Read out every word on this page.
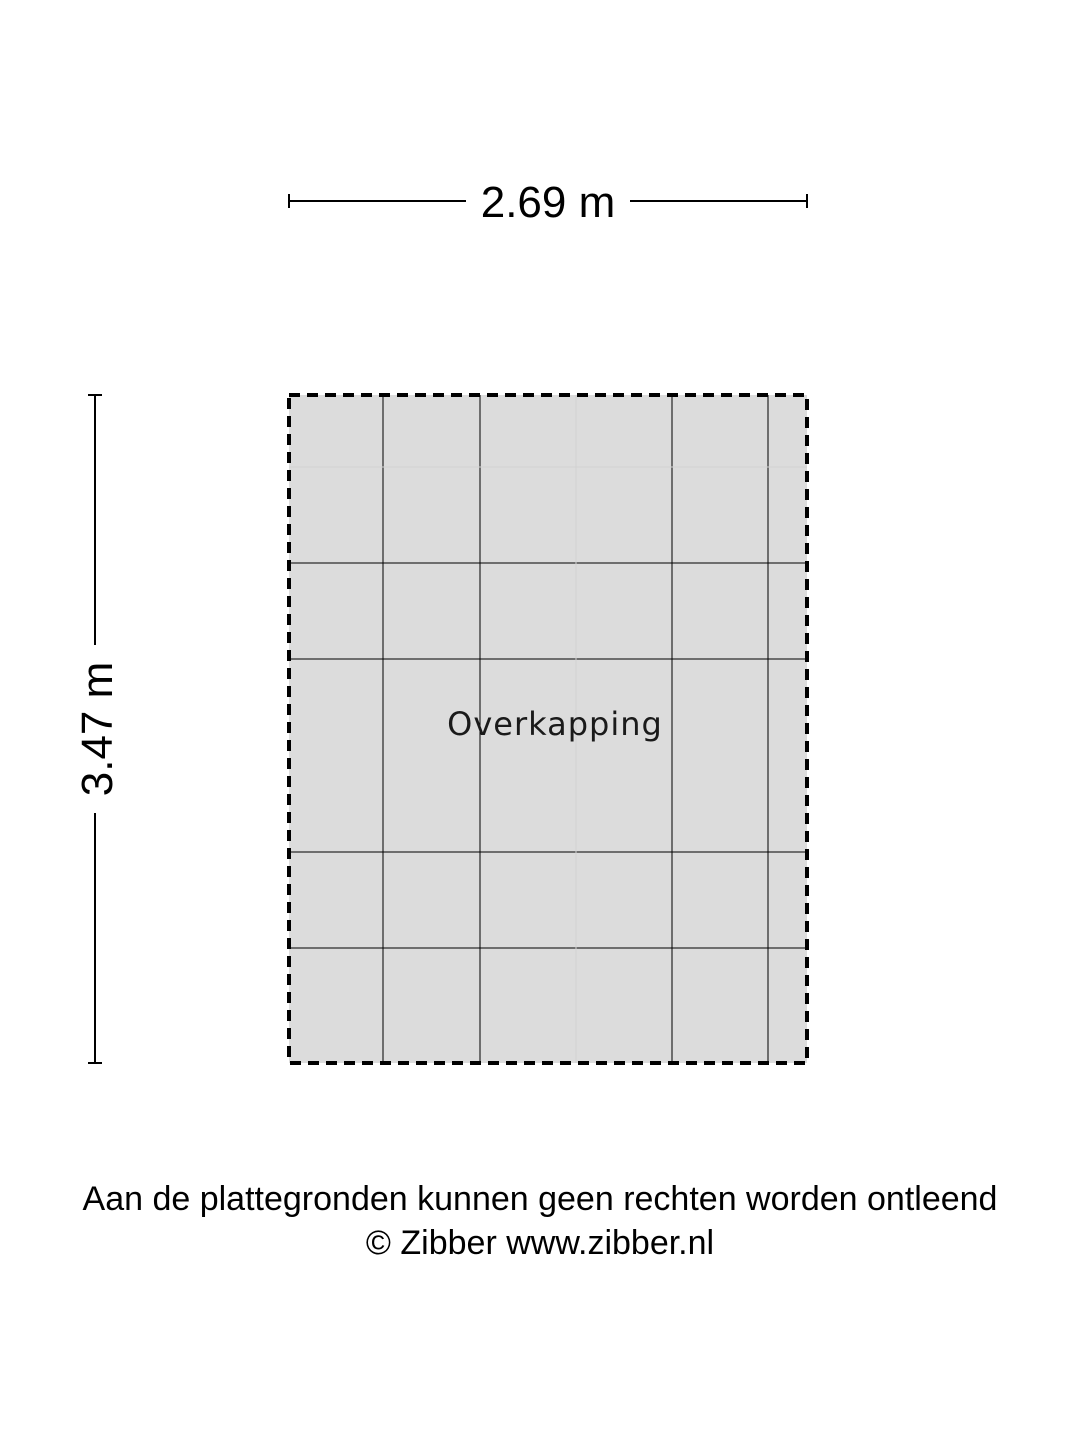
2.69 m
3.47 m	Overkapping
Aan de plattegronden kunnen geen rechten worden ontleend
© Zibber www.zibber.nl
